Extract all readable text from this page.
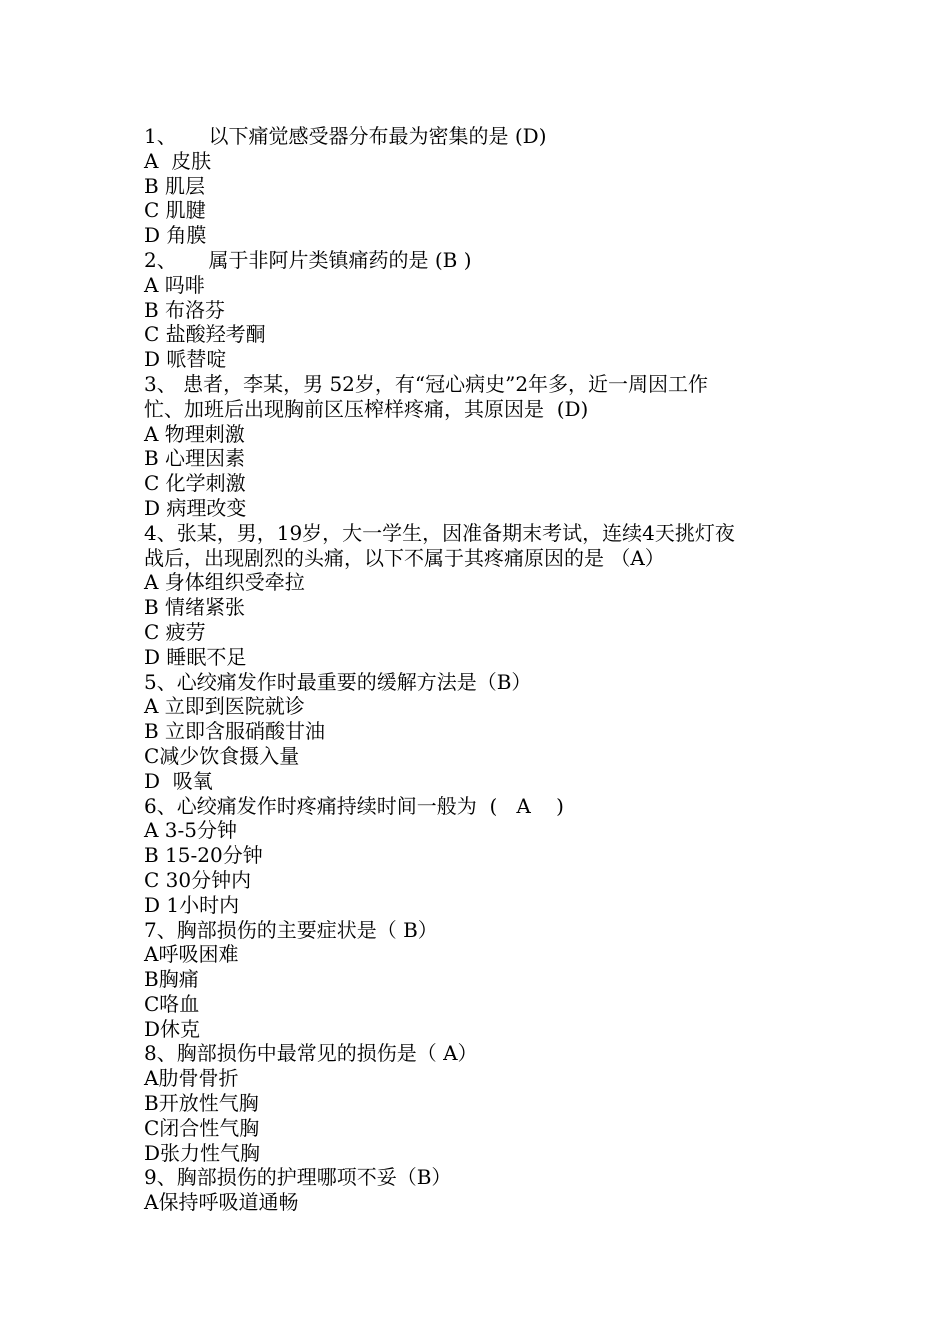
1、     以下痛觉感受器分布最为密集的是 (D)
A  皮肤
B 肌层
C 肌腱
D 角膜
2、     属于非阿片类镇痛药的是 (B )
A 吗啡
B 布洛芬
C 盐酸羟考酮
D 哌替啶
3、 患者，李某，男 52岁，有“冠心病史”2年多，近一周因工作
忙、加班后出现胸前区压榨样疼痛，其原因是  (D)
A 物理刺激
B 心理因素
C 化学刺激
D 病理改变
4、张某，男，19岁，大一学生，因准备期末考试，连续4天挑灯夜
战后，出现剧烈的头痛，以下不属于其疼痛原因的是 （A）
A 身体组织受牵拉
B 情绪紧张
C 疲劳
D 睡眠不足
5、心绞痛发作时最重要的缓解方法是（B）
A 立即到医院就诊
B 立即含服硝酸甘油
C减少饮食摄入量
D  吸氧
6、心绞痛发作时疼痛持续时间一般为  (   A    )
A 3-5分钟
B 15-20分钟
C 30分钟内
D 1小时内
7、胸部损伤的主要症状是（ B）
A呼吸困难
B胸痛
C咯血
D休克
8、胸部损伤中最常见的损伤是（ A）
A肋骨骨折
B开放性气胸
C闭合性气胸
D张力性气胸
9、胸部损伤的护理哪项不妥（B）
A保持呼吸道通畅
